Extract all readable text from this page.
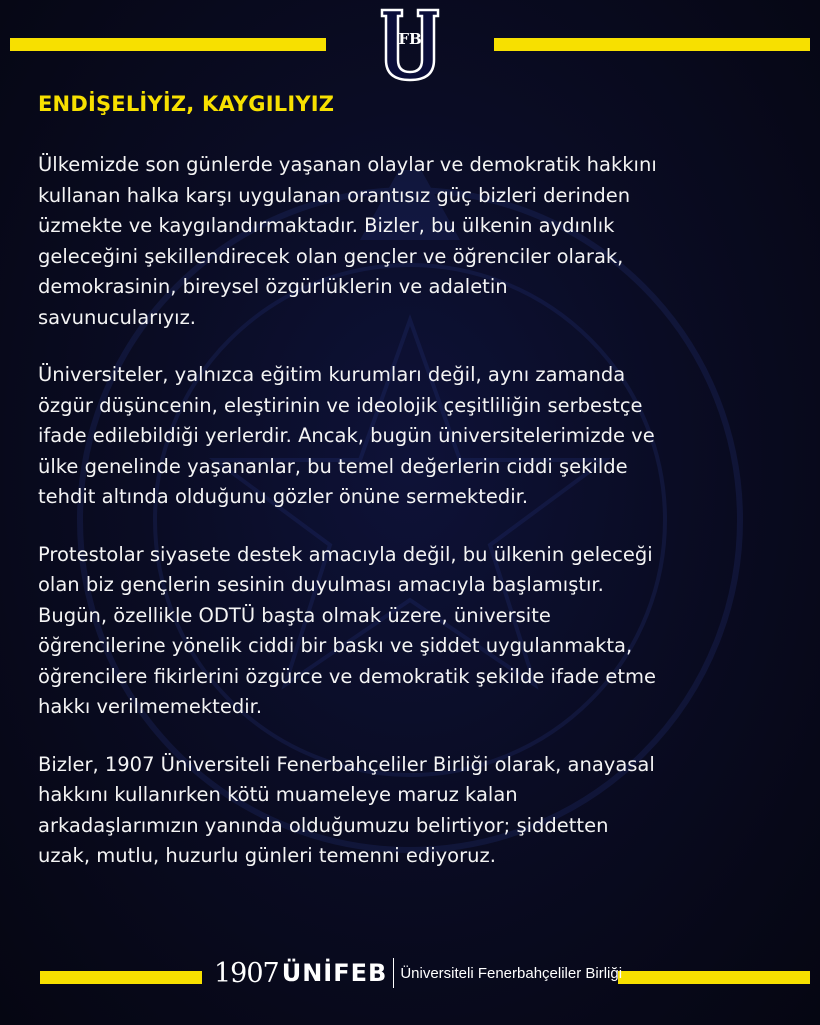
FB
ENDİŞELİYİZ, KAYGILIYIZ

Ülkemizde son günlerde yaşanan olaylar ve demokratik hakkını
kullanan halka karşı uygulanan orantısız güç bizleri derinden
üzmekte ve kaygılandırmaktadır. Bizler, bu ülkenin aydınlık
geleceğini şekillendirecek olan gençler ve öğrenciler olarak,
demokrasinin, bireysel özgürlüklerin ve adaletin
savunucularıyız.

Üniversiteler, yalnızca eğitim kurumları değil, aynı zamanda
özgür düşüncenin, eleştirinin ve ideolojik çeşitliliğin serbestçe
ifade edilebildiği yerlerdir. Ancak, bugün üniversitelerimizde ve
ülke genelinde yaşananlar, bu temel değerlerin ciddi şekilde
tehdit altında olduğunu gözler önüne sermektedir.

Protestolar siyasete destek amacıyla değil, bu ülkenin geleceği
olan biz gençlerin sesinin duyulması amacıyla başlamıştır.
Bugün, özellikle ODTÜ başta olmak üzere, üniversite
öğrencilerine yönelik ciddi bir baskı ve şiddet uygulanmakta,
öğrencilere fikirlerini özgürce ve demokratik şekilde ifade etme
hakkı verilmemektedir.

Bizler, 1907 Üniversiteli Fenerbahçeliler Birliği olarak, anayasal
hakkını kullanırken kötü muameleye maruz kalan
arkadaşlarımızın yanında olduğumuzu belirtiyor; şiddetten
uzak, mutlu, huzurlu günleri temenni ediyoruz.

1907 ÜNİFEB Üniversiteli Fenerbahçeliler Birliği
